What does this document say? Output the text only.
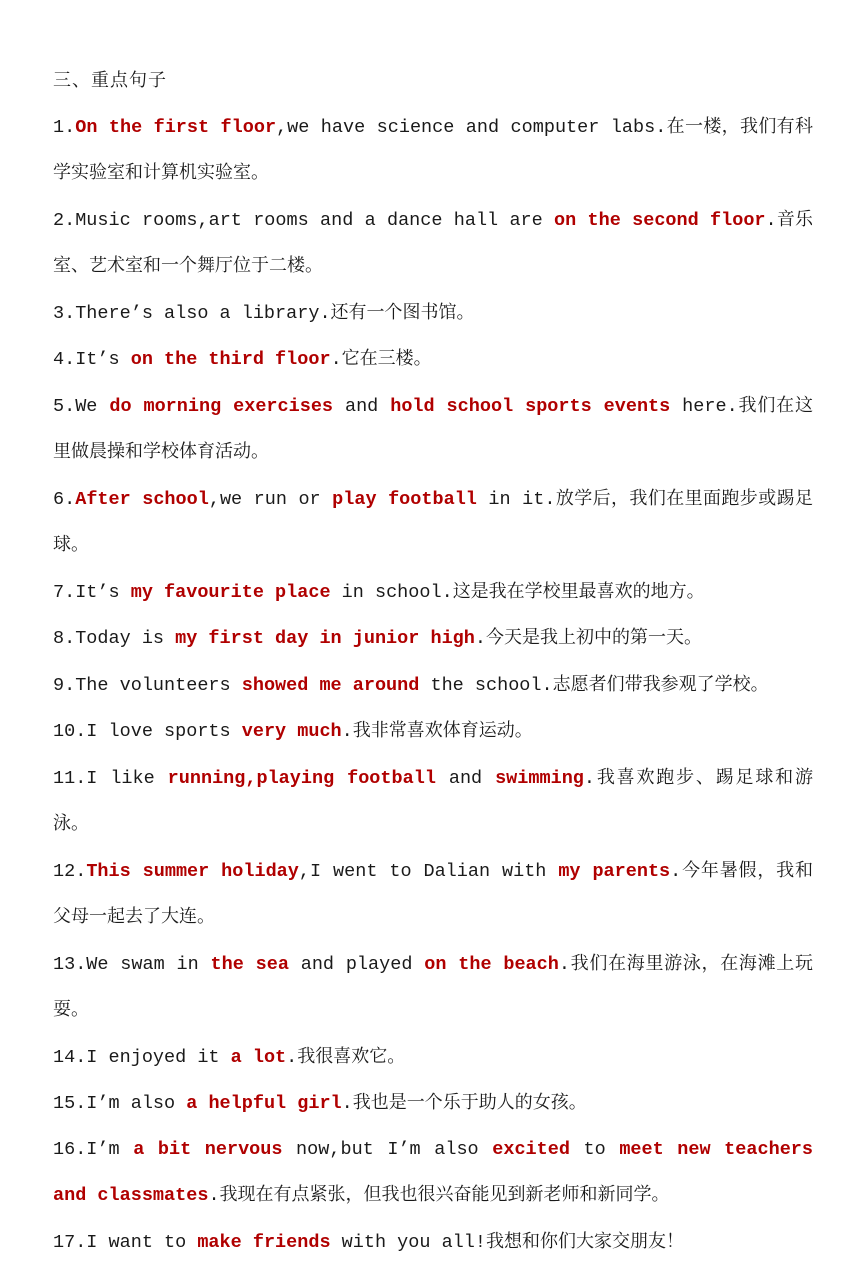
三、重点句子

1.On the first floor,we have science and computer labs.在一楼，我们有科学实验室和计算机实验室。

2.Music rooms,art rooms and a dance hall are on the second floor.音乐室、艺术室和一个舞厅位于二楼。

3.There’s also a library.还有一个图书馆。

4.It’s on the third floor.它在三楼。

5.We do morning exercises and hold school sports events here.我们在这里做晨操和学校体育活动。

6.After school,we run or play football in it.放学后，我们在里面跑步或踢足球。

7.It’s my favourite place in school.这是我在学校里最喜欢的地方。

8.Today is my first day in junior high.今天是我上初中的第一天。

9.The volunteers showed me around the school.志愿者们带我参观了学校。

10.I love sports very much.我非常喜欢体育运动。

11.I like running,playing football and swimming.我喜欢跑步、踢足球和游泳。

12.This summer holiday,I went to Dalian with my parents.今年暑假，我和父母一起去了大连。

13.We swam in the sea and played on the beach.我们在海里游泳，在海滩上玩耍。

14.I enjoyed it a lot.我很喜欢它。

15.I’m also a helpful girl.我也是一个乐于助人的女孩。

16.I’m a bit nervous now,but I’m also excited to meet new teachers and classmates.我现在有点紧张，但我也很兴奋能见到新老师和新同学。

17.I want to make friends with you all!我想和你们大家交朋友！
